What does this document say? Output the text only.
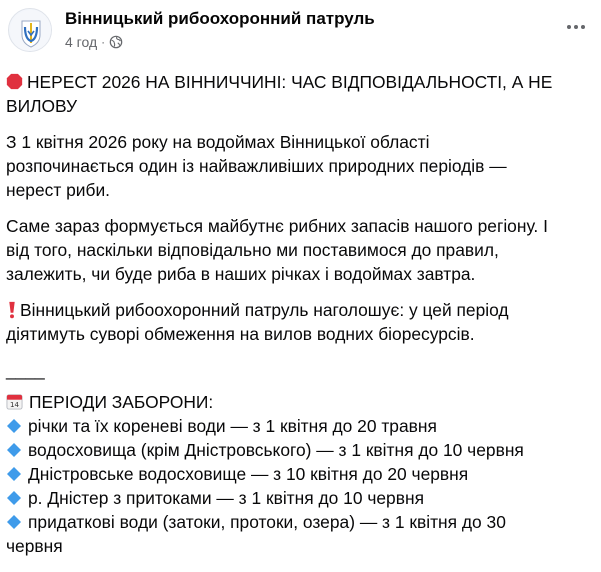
Вінницький рибоохоронний патруль
4 год ·

НЕРЕСТ 2026 НА ВІННИЧЧИНІ: ЧАС ВІДПОВІДАЛЬНОСТІ, А НЕ
ВИЛОВУ

З 1 квітня 2026 року на водоймах Вінницької області
розпочинається один із найважливіших природних періодів —
нерест риби.

Саме зараз формується майбутнє рибних запасів нашого регіону. І
від того, наскільки відповідально ми поставимося до правил,
залежить, чи буде риба в наших річках і водоймах завтра.

Вінницький рибоохоронний патруль наголошує: у цей період
діятимуть суворі обмеження на вилов водних біоресурсів.

____

14 ПЕРІОДИ ЗАБОРОНИ:
річки та їх кореневі води — з 1 квітня до 20 травня
водосховища (крім Дністровського) — з 1 квітня до 10 червня
Дністровське водосховище — з 10 квітня до 20 червня
р. Дністер з притоками — з 1 квітня до 10 червня
придаткові води (затоки, протоки, озера) — з 1 квітня до 30
червня
